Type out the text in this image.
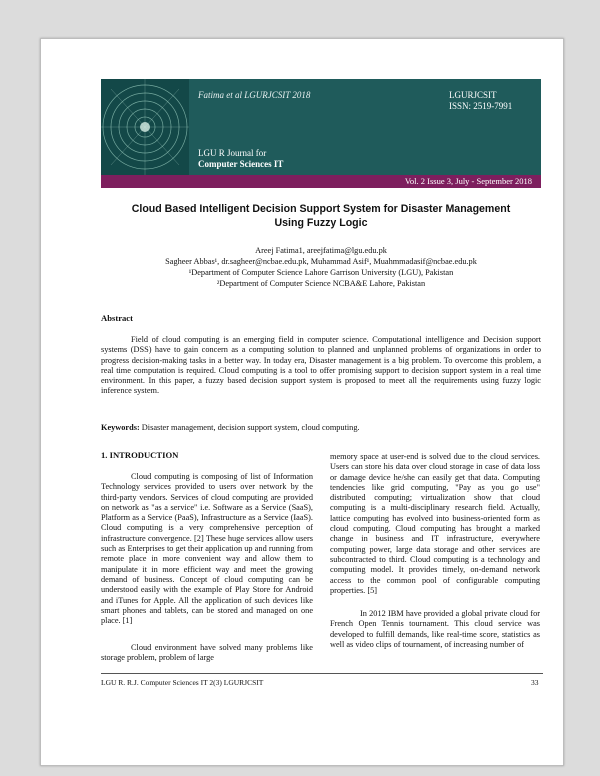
Fatima et al LGURJCSIT 2018	LGURJCSIT
ISSN: 2519-7991
LGU R Journal for
Computer Sciences IT
Vol. 2 Issue 3, July - September 2018
Cloud Based Intelligent Decision Support System for Disaster Management
Using Fuzzy Logic
Areej Fatima1, areejfatima@lgu.edu.pk
Sagheer Abbas¹, dr.sagheer@ncbae.edu.pk, Muhammad Asif¹, Muahmmadasif@ncbae.edu.pk
¹Department of Computer Science Lahore Garrison University (LGU), Pakistan
²Department of Computer Science NCBA&E Lahore, Pakistan
Abstract

Field of cloud computing is an emerging field in computer science. Computational intelligence and Decision support systems (DSS) have to gain concern as a computing solution to planned and unplanned problems of organizations in order to progress decision-making tasks in a better way. In today era, Disaster management is a big problem. To overcome this problem, a real time computation is required. Cloud computing is a tool to offer promising support to decision support system in a real time environment. In this paper, a fuzzy based decision support system is proposed to meet all the requirements using fuzzy logic inference system.

Keywords: Disaster management, decision support system, cloud computing.
1. INTRODUCTION

Cloud computing is composing of list of Information Technology services provided to users over network by the third-party vendors. Services of cloud computing are provided on network as "as a service" i.e. Software as a Service (SaaS), Platform as a Service (PaaS), Infrastructure as a Service (IaaS). Cloud computing is a very comprehensive perception of infrastructure convergence. [2] These huge services allow users such as Enterprises to get their application up and running from remote place in more convenient way and allow them to manipulate it in more efficient way and meet the growing demand of business. Concept of cloud computing can be understood easily with the example of Play Store for Android and iTunes for Apple. All the application of such devices like smart phones and tablets, can be stored and managed on one place. [1]

Cloud environment have solved many problems like storage problem, problem of large

memory space at user-end is solved due to the cloud services. Users can store his data over cloud storage in case of data loss or damage device he/she can easily get that data. Computing tendencies like grid computing, "Pay as you go use" distributed computing; virtualization show that cloud computing is a multi-disciplinary research field. Actually, lattice computing has evolved into business-oriented form as cloud computing. Cloud computing has brought a marked change in business and IT infrastructure, everywhere computing power, large data storage and other services are subcontracted to third. Cloud computing is a technology and computing model. It provides timely, on-demand network access to the common pool of configurable computing properties. [5]

In 2012 IBM have provided a global private cloud for French Open Tennis tournament. This cloud service was developed to fulfill demands, like real-time score, statistics as well as video clips of tournament, of increasing number of

LGU R. R.J. Computer Sciences IT 2(3) LGURJCSIT	33
